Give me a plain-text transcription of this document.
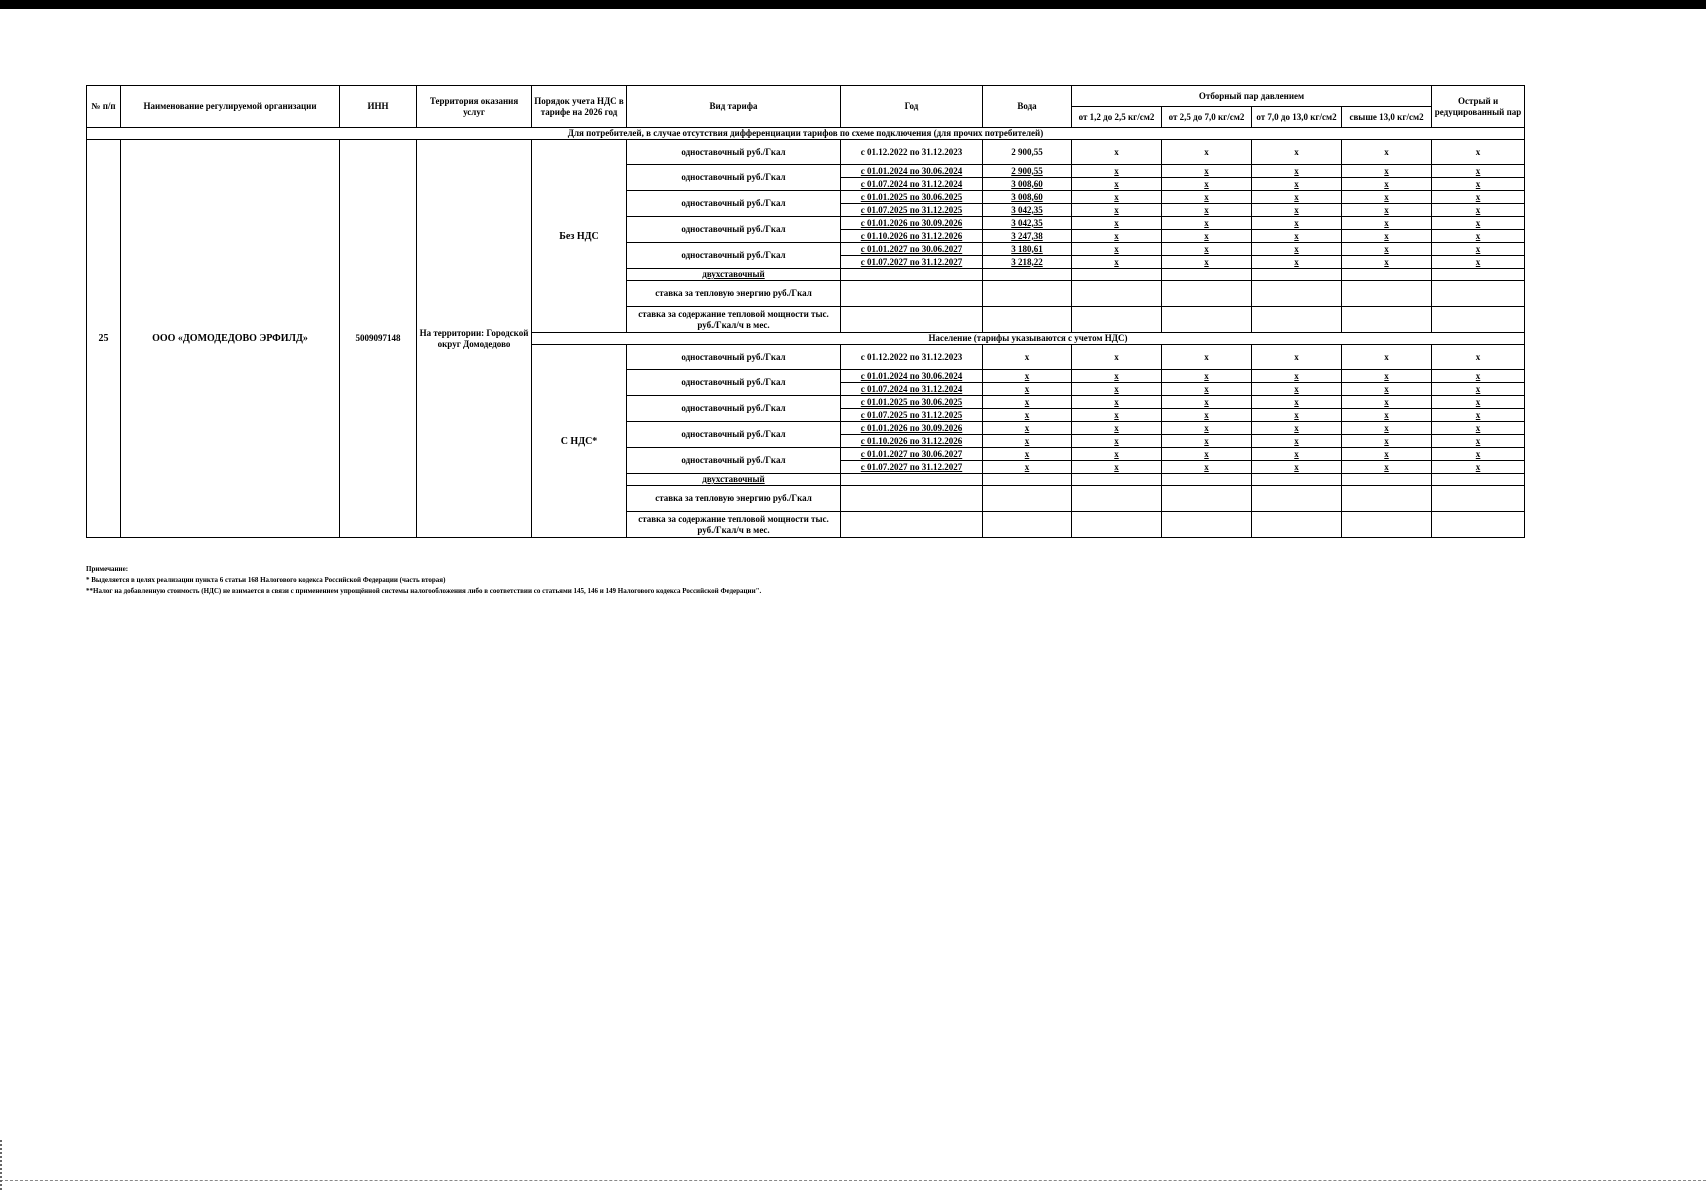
№ п/п	Наименование регулируемой организации	ИНН	Территория оказания услуг	Порядок учета НДС в тарифе на 2026 год	Вид тарифа	Год	Вода	Отборный пар давлением				Острый и редуцированный пар
								от 1,2 до 2,5 кг/см2	от 2,5 до 7,0 кг/см2	от 7,0 до 13,0 кг/см2	свыше 13,0 кг/см2	
Для потребителей, в случае отсутствия дифференциации тарифов по схеме подключения (для прочих потребителей)												
25	ООО «ДОМОДЕДОВО ЭРФИЛД»	5009097148	На территории: Городской округ Домодедово	Без НДС	одноставочный руб./Гкал	с 01.12.2022 по 31.12.2023	2 900,55	x	x	x	x	x
					одноставочный руб./Гкал	с 01.01.2024 по 30.06.2024	2 900,55	x	x	x	x	x
						с 01.07.2024 по 31.12.2024	3 008,60	x	x	x	x	x
					одноставочный руб./Гкал	с 01.01.2025 по 30.06.2025	3 008,60	x	x	x	x	x
						с 01.07.2025 по 31.12.2025	3 042,35	x	x	x	x	x
					одноставочный руб./Гкал	с 01.01.2026 по 30.09.2026	3 042,35	x	x	x	x	x
						с 01.10.2026 по 31.12.2026	3 247,38	x	x	x	x	x
					одноставочный руб./Гкал	с 01.01.2027 по 30.06.2027	3 180,61	x	x	x	x	x
						с 01.07.2027 по 31.12.2027	3 218,22	x	x	x	x	x
					двухставочный							
					ставка за тепловую энергию руб./Гкал							
					ставка за содержание тепловой мощности тыс. руб./Гкал/ч в мес.							
				Население (тарифы указываются с учетом НДС)								
				С НДС*	одноставочный руб./Гкал	с 01.12.2022 по 31.12.2023	x	x	x	x	x	x
					одноставочный руб./Гкал	с 01.01.2024 по 30.06.2024	x	x	x	x	x	x
						с 01.07.2024 по 31.12.2024	x	x	x	x	x	x
					одноставочный руб./Гкал	с 01.01.2025 по 30.06.2025	x	x	x	x	x	x
						с 01.07.2025 по 31.12.2025	x	x	x	x	x	x
					одноставочный руб./Гкал	с 01.01.2026 по 30.09.2026	x	x	x	x	x	x
						с 01.10.2026 по 31.12.2026	x	x	x	x	x	x
					одноставочный руб./Гкал	с 01.01.2027 по 30.06.2027	x	x	x	x	x	x
						с 01.07.2027 по 31.12.2027	x	x	x	x	x	x
					двухставочный							
					ставка за тепловую энергию руб./Гкал							
					ставка за содержание тепловой мощности тыс. руб./Гкал/ч в мес.							
Примечание:
* Выделяется в целях реализации пункта 6 статьи 168 Налогового кодекса Российской Федерации (часть вторая)
**Налог на добавленную стоимость (НДС) не взимается в связи с применением упрощённой системы налогообложения либо в соответствии со статьями 145, 146 и 149 Налогового кодекса Российской Федерации".
